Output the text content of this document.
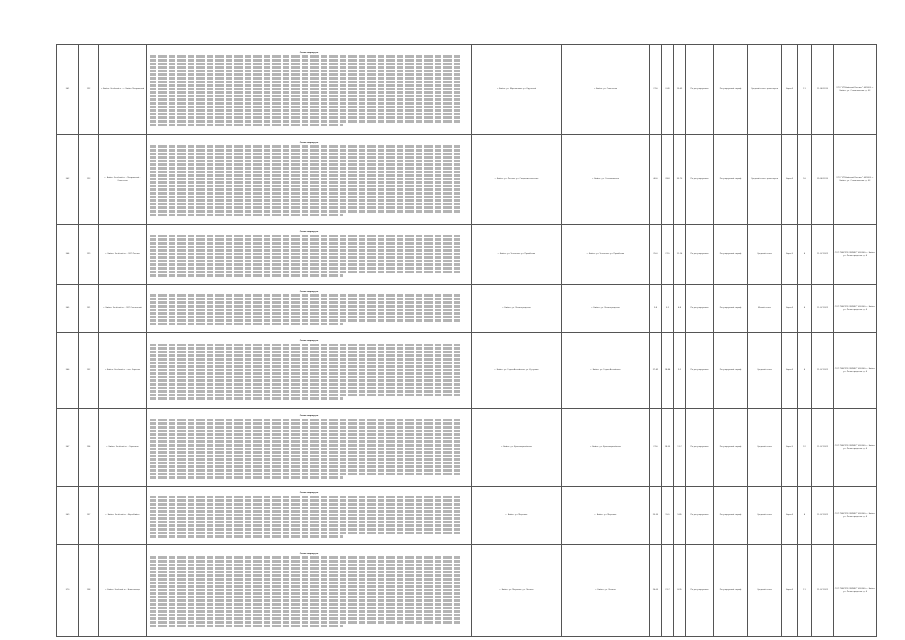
561	122	г. Бийск, Зелёный м. - г. Бийск Покровский	Схема маршрута	г. Бийск, ул. Мартьянова, ул. Крупской	г. Бийск, ул. Советская	27,6	2,49	13,69	По регулируемым	Регулируемый тариф	Средний класс транспорта	Евро-4	11	11.08.2015	ООО "ИТ-Бийский Рассвет" 659305, г. Бийск, ул. Стахановская, д. 53
562	123	г. Бийск, Зелёный м. - Покровский - Советская	Схема маршрута	г. Бийск, ул. Лесная, ул. Социалистическая	г. Бийск, ул. Стахановская	40,6	28,8	33,70	По регулируемым	Регулируемый тариф	Средний класс транспорта	Евро-4	16	25.08.2015	ООО "ИТ-Бийский Рассвет" 659305, г. Бийск, ул. Стахановская, д. 53
564	129	г. Бийск, Зелёный м. - СНТ Лесная	Схема маршрута	г. Бийск, ул. Угольная, ул. Приобская	г. Бийск, ул. Угольная, ул. Приобская	25,0	27,5	11,16	По регулируемым	Регулируемый тариф	Средний класс	Евро-3	4	11.07.2022	ООО "ВЕКТОР-СЕРВИС" 659300, г. Бийск, ул. Ленинградская, д. 4
565	131	г. Бийск, Зелёный м. - СНТ Солнечный	Схема маршрута	г. Бийск, ул. Ленинградская	г. Бийск, ул. Ленинградская	9,8	3,2	4,8	По регулируемым	Регулируемый тариф	Малый класс	Евро-4	4	11.07.2022	ООО "ВЕКТОР-СЕРВИС" 659300, г. Бийск, ул. Ленинградская, д. 4
566	132	г. Бийск, Зелёный м. - пос. Заречье	Схема маршрута	г. Бийск, ул. Горно-Алтайская, ул. Кутузова	г. Бийск, ул. Горно-Алтайская	27,42	18,84	9,2	По регулируемым	Регулируемый тариф	Средний класс	Евро-4	4	11.07.2022	ООО "ВЕКТОР-СЕРВИС" 659300, г. Бийск, ул. Ленинградская, д. 4
567	134	г. Бийск, Зелёный м. - Сорокино	Схема маршрута	г. Бийск, ул. Красноармейская	г. Бийск, ул. Красноармейская	27,6	18,35	11,7	По регулируемым	Регулируемый тариф	Средний класс	Евро-3	12	11.07.2022	ООО "ВЕКТОР-СЕРВИС" 659300, г. Бийск, ул. Ленинградская, д. 4
569	137	г. Бийск, Зелёный м. - Верх-Бийск	Схема маршрута	г. Бийск, ул. Мерлина	г. Бийск, ул. Мерлина	25,35	15,5	9,85	По регулируемым	Регулируемый тариф	Средний класс	Евро-4	4	11.07.2022	ООО "ВЕКТОР-СЕРВИС" 659300, г. Бийск, ул. Ленинградская, д. 4
570	138	г. Бийск, Зелёный м. - Новоталица	Схема маршрута	г. Бийск, ул. Мерлина, ул. Ленина	г. Бийск, ул. Ленина	26,05	21,7	8,35	По регулируемым	Регулируемый тариф	Средний класс	Евро-4	11	11.07.2022	ООО "ВЕКТОР-СЕРВИС" 659300, г. Бийск, ул. Ленинградская, д. 4
